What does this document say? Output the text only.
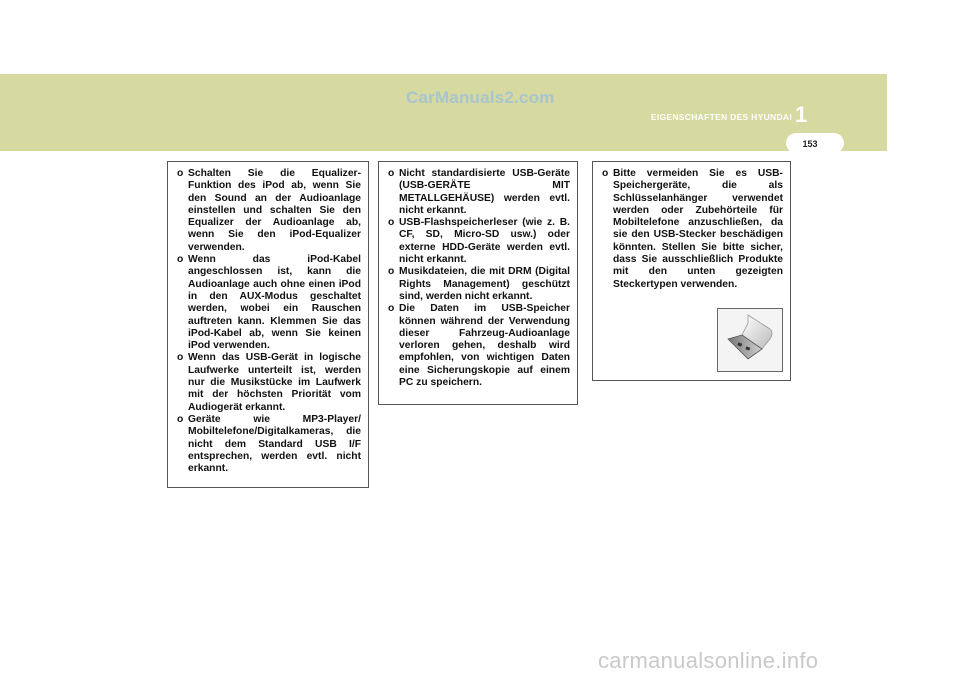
CarManuals2.com
EIGENSCHAFTEN DES HYUNDAI 1
153
o Schalten Sie die Equalizer-Funktion des iPod ab, wenn Sie den Sound an der Audioanlage einstellen und schalten Sie den Equalizer der Audioanlage ab, wenn Sie den iPod-Equalizer verwenden.
o Wenn das iPod-Kabel angeschlossen ist, kann die Audioanlage auch ohne einen iPod in den AUX-Modus geschaltet werden, wobei ein Rauschen auftreten kann. Klemmen Sie das iPod-Kabel ab, wenn Sie keinen iPod verwenden.
o Wenn das USB-Gerät in logische Laufwerke unterteilt ist, werden nur die Musikstücke im Laufwerk mit der höchsten Priorität vom Audiogerät erkannt.
o Geräte wie MP3-Player/ Mobiltelefone/Digitalkameras, die nicht dem Standard USB I/F entsprechen, werden evtl. nicht erkannt.
o Nicht standardisierte USB-Geräte (USB-GERÄTE MIT METALLGEHÄUSE) werden evtl. nicht erkannt.
o USB-Flashspeicherleser (wie z. B. CF, SD, Micro-SD usw.) oder externe HDD-Geräte werden evtl. nicht erkannt.
o Musikdateien, die mit DRM (Digital Rights Management) geschützt sind, werden nicht erkannt.
o Die Daten im USB-Speicher können während der Verwendung dieser Fahrzeug-Audioanlage verloren gehen, deshalb wird empfohlen, von wichtigen Daten eine Sicherungskopie auf einem PC zu speichern.
o Bitte vermeiden Sie es USB-Speichergeräte, die als Schlüsselanhänger verwendet werden oder Zubehörteile für Mobiltelefone anzuschließen, da sie den USB-Stecker beschädigen könnten. Stellen Sie bitte sicher, dass Sie ausschließlich Produkte mit den unten gezeigten Steckertypen verwenden.
carmanualsonline.info
